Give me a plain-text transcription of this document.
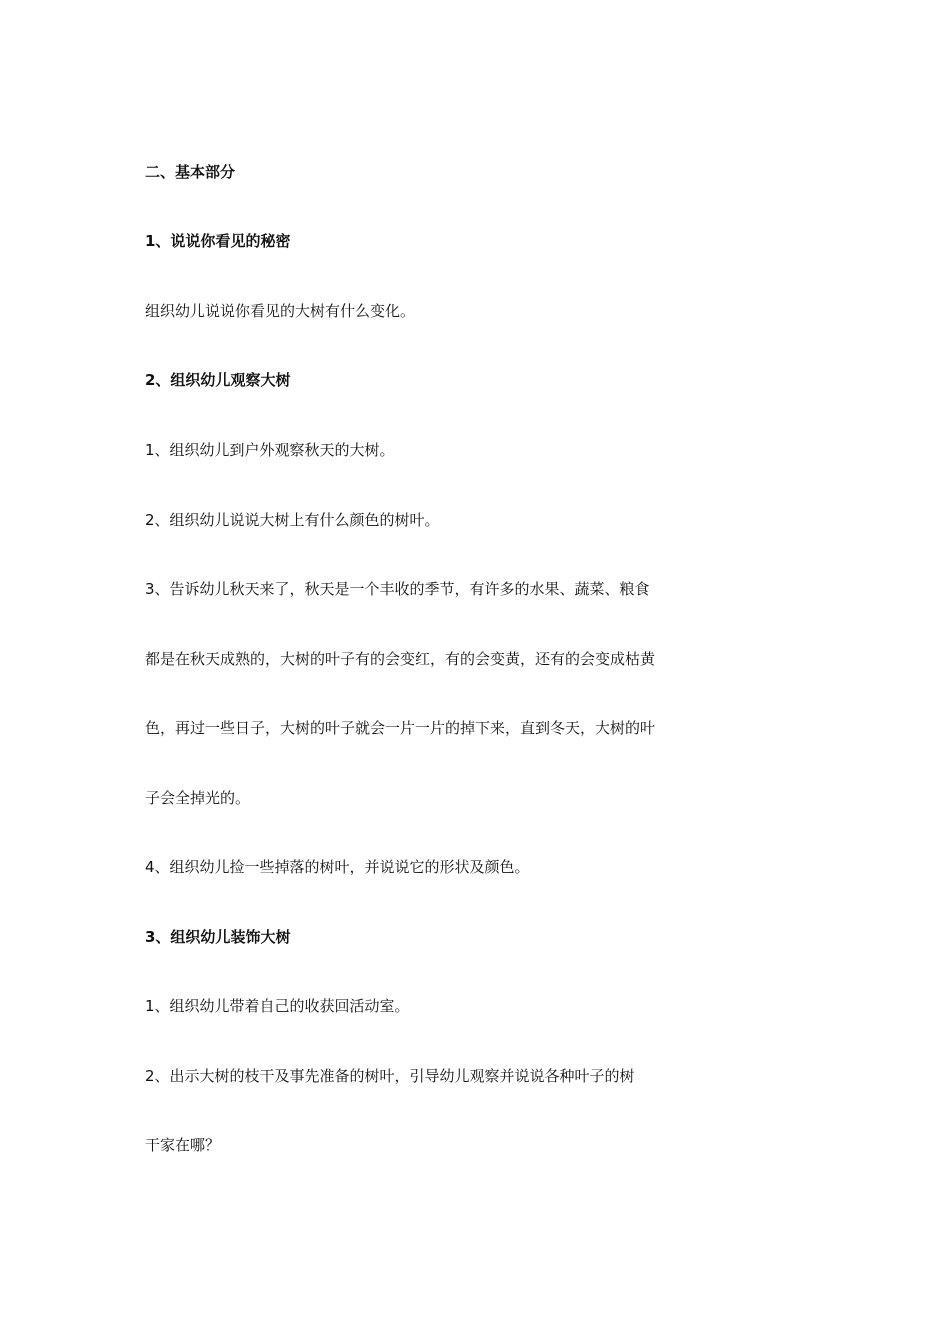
二、基本部分

1、说说你看见的秘密

组织幼儿说说你看见的大树有什么变化。

2、组织幼儿观察大树

1、组织幼儿到户外观察秋天的大树。

2、组织幼儿说说大树上有什么颜色的树叶。

3、告诉幼儿秋天来了，秋天是一个丰收的季节，有许多的水果、蔬菜、粮食

都是在秋天成熟的，大树的叶子有的会变红，有的会变黄，还有的会变成枯黄

色，再过一些日子，大树的叶子就会一片一片的掉下来，直到冬天，大树的叶

子会全掉光的。

4、组织幼儿捡一些掉落的树叶，并说说它的形状及颜色。

3、组织幼儿装饰大树

1、组织幼儿带着自己的收获回活动室。

2、出示大树的枝干及事先准备的树叶，引导幼儿观察并说说各种叶子的树

干家在哪？
